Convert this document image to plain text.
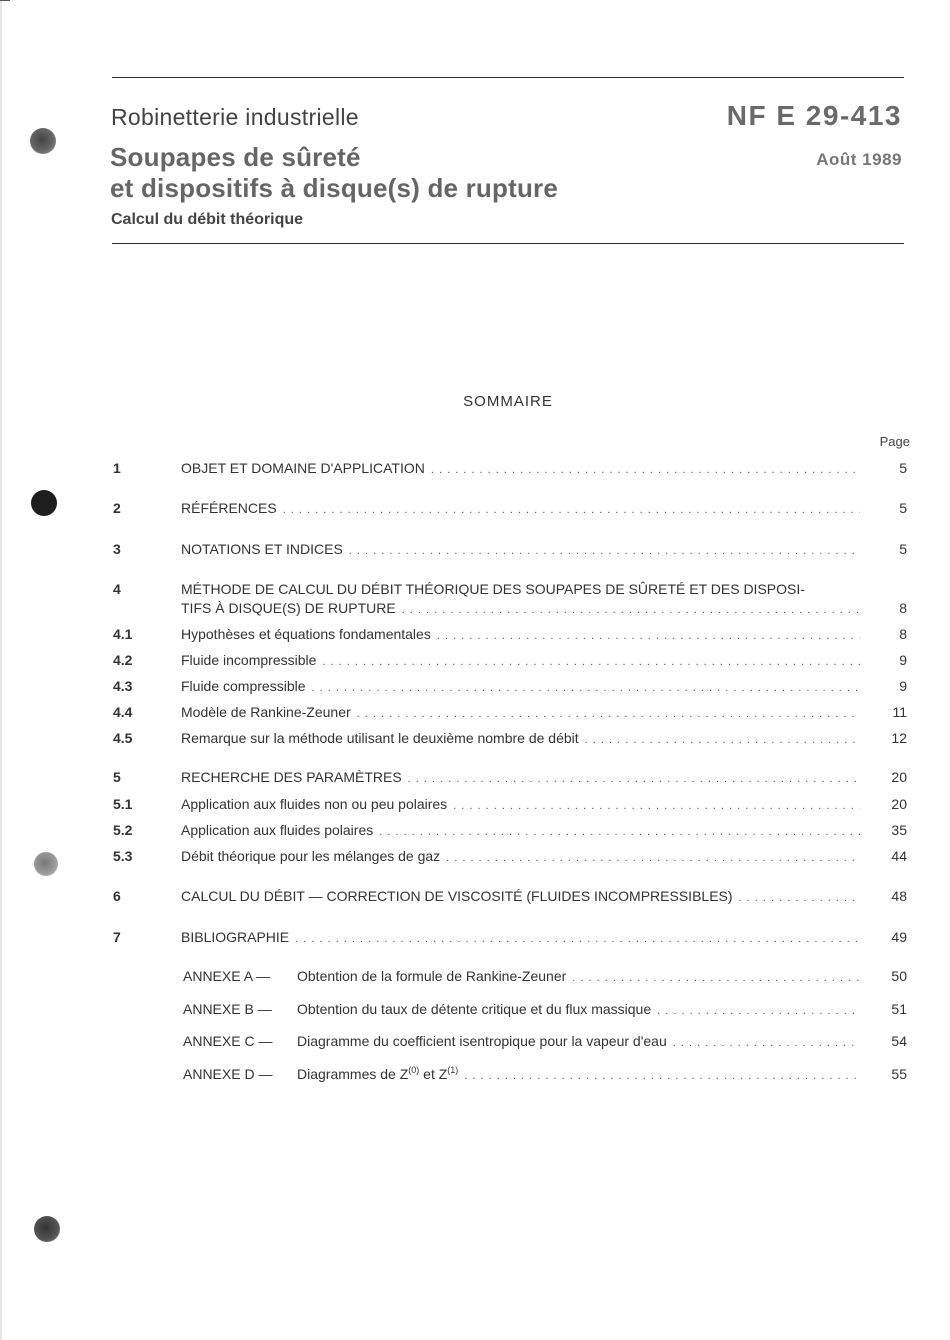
Robinetterie industrielle
Soupapes de sûreté
et dispositifs à disque(s) de rupture
Calcul du débit théorique
NF E 29-413
Août 1989
SOMMAIRE
Page
1	OBJET ET DOMAINE D'APPLICATION . . .	5
2	RÉFÉRENCES . . .	5
3	NOTATIONS ET INDICES . . .	5
4	MÉTHODE DE CALCUL DU DÉBIT THÉORIQUE DES SOUPAPES DE SÛRETÉ ET DES DISPOSI-
TIFS À DISQUE(S) DE RUPTURE . . .	8
4.1	Hypothèses et équations fondamentales . . .	8
4.2	Fluide incompressible . . .	9
4.3	Fluide compressible . . .	9
4.4	Modèle de Rankine-Zeuner . . .	11
4.5	Remarque sur la méthode utilisant le deuxième nombre de débit . . .	12
5	RECHERCHE DES PARAMÈTRES . . .	20
5.1	Application aux fluides non ou peu polaires . . .	20
5.2	Application aux fluides polaires . . .	35
5.3	Débit théorique pour les mélanges de gaz . . .	44
6	CALCUL DU DÉBIT — CORRECTION DE VISCOSITÉ (FLUIDES INCOMPRESSIBLES) . . .	48
7	BIBLIOGRAPHIE . . .	49
ANNEXE A —	Obtention de la formule de Rankine-Zeuner . . .	50
ANNEXE B —	Obtention du taux de détente critique et du flux massique . . .	51
ANNEXE C —	Diagramme du coefficient isentropique pour la vapeur d'eau . . .	54
ANNEXE D —	Diagrammes de $Z^{(0)}$ et $Z^{(1)}$ . . .	55
